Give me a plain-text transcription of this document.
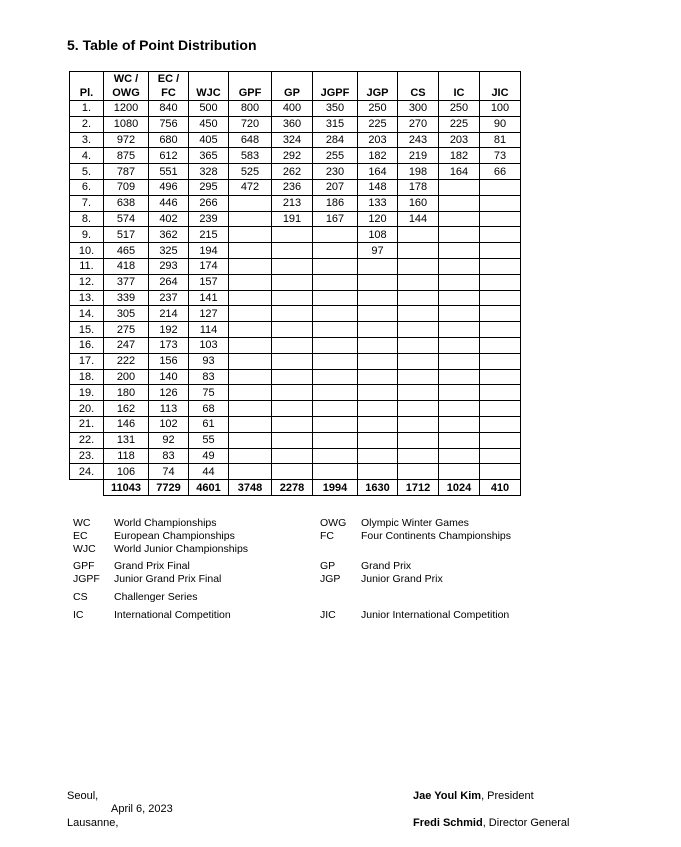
5. Table of Point Distribution
	WC /	EC /								
Pl.	OWG	FC	WJC	GPF	GP	JGPF	JGP	CS	IC	JIC
1.	1200	840	500	800	400	350	250	300	250	100
2.	1080	756	450	720	360	315	225	270	225	90
3.	972	680	405	648	324	284	203	243	203	81
4.	875	612	365	583	292	255	182	219	182	73
5.	787	551	328	525	262	230	164	198	164	66
6.	709	496	295	472	236	207	148	178		
7.	638	446	266		213	186	133	160		
8.	574	402	239		191	167	120	144		
9.	517	362	215				108			
10.	465	325	194				97			
11.	418	293	174							
12.	377	264	157							
13.	339	237	141							
14.	305	214	127							
15.	275	192	114							
16.	247	173	103							
17.	222	156	93							
18.	200	140	83							
19.	180	126	75							
20.	162	113	68							
21.	146	102	61							
22.	131	92	55							
23.	118	83	49							
24.	106	74	44							
	11043	7729	4601	3748	2278	1994	1630	1712	1024	410
WC World Championships
EC	European Championships
WJC World Junior Championships
GPF Grand Prix Final
JGPF Junior Grand Prix Final
CS	Challenger Series
IC	International Competition
OWG Olympic Winter Games
FC	Four Continents Championships
GP Grand Prix
JGP Junior Grand Prix
JIC Junior International Competition
Seoul,
April 6, 2023
Lausanne,
Jae Youl Kim, President
Fredi Schmid, Director General
